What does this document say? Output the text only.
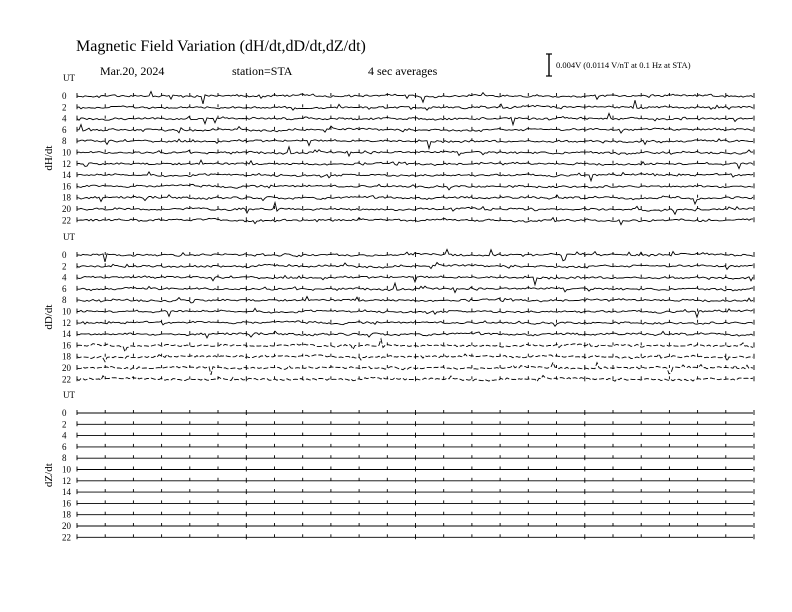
Magnetic Field Variation (dH/dt,dD/dt,dZ/dt)
Mar.20, 2024	station=STA	4 sec averages	0.004V (0.0114 V/nT at 0.1 Hz at STA)
UT
dH/dt
0
2
4
6
8
10
12
14
16
18
20
22
UT
dD/dt
0
2
4
6
8
10
12
14
16
18
20
22
UT
dZ/dt
0
2
4
6
8
10
12
14
16
18
20
22
